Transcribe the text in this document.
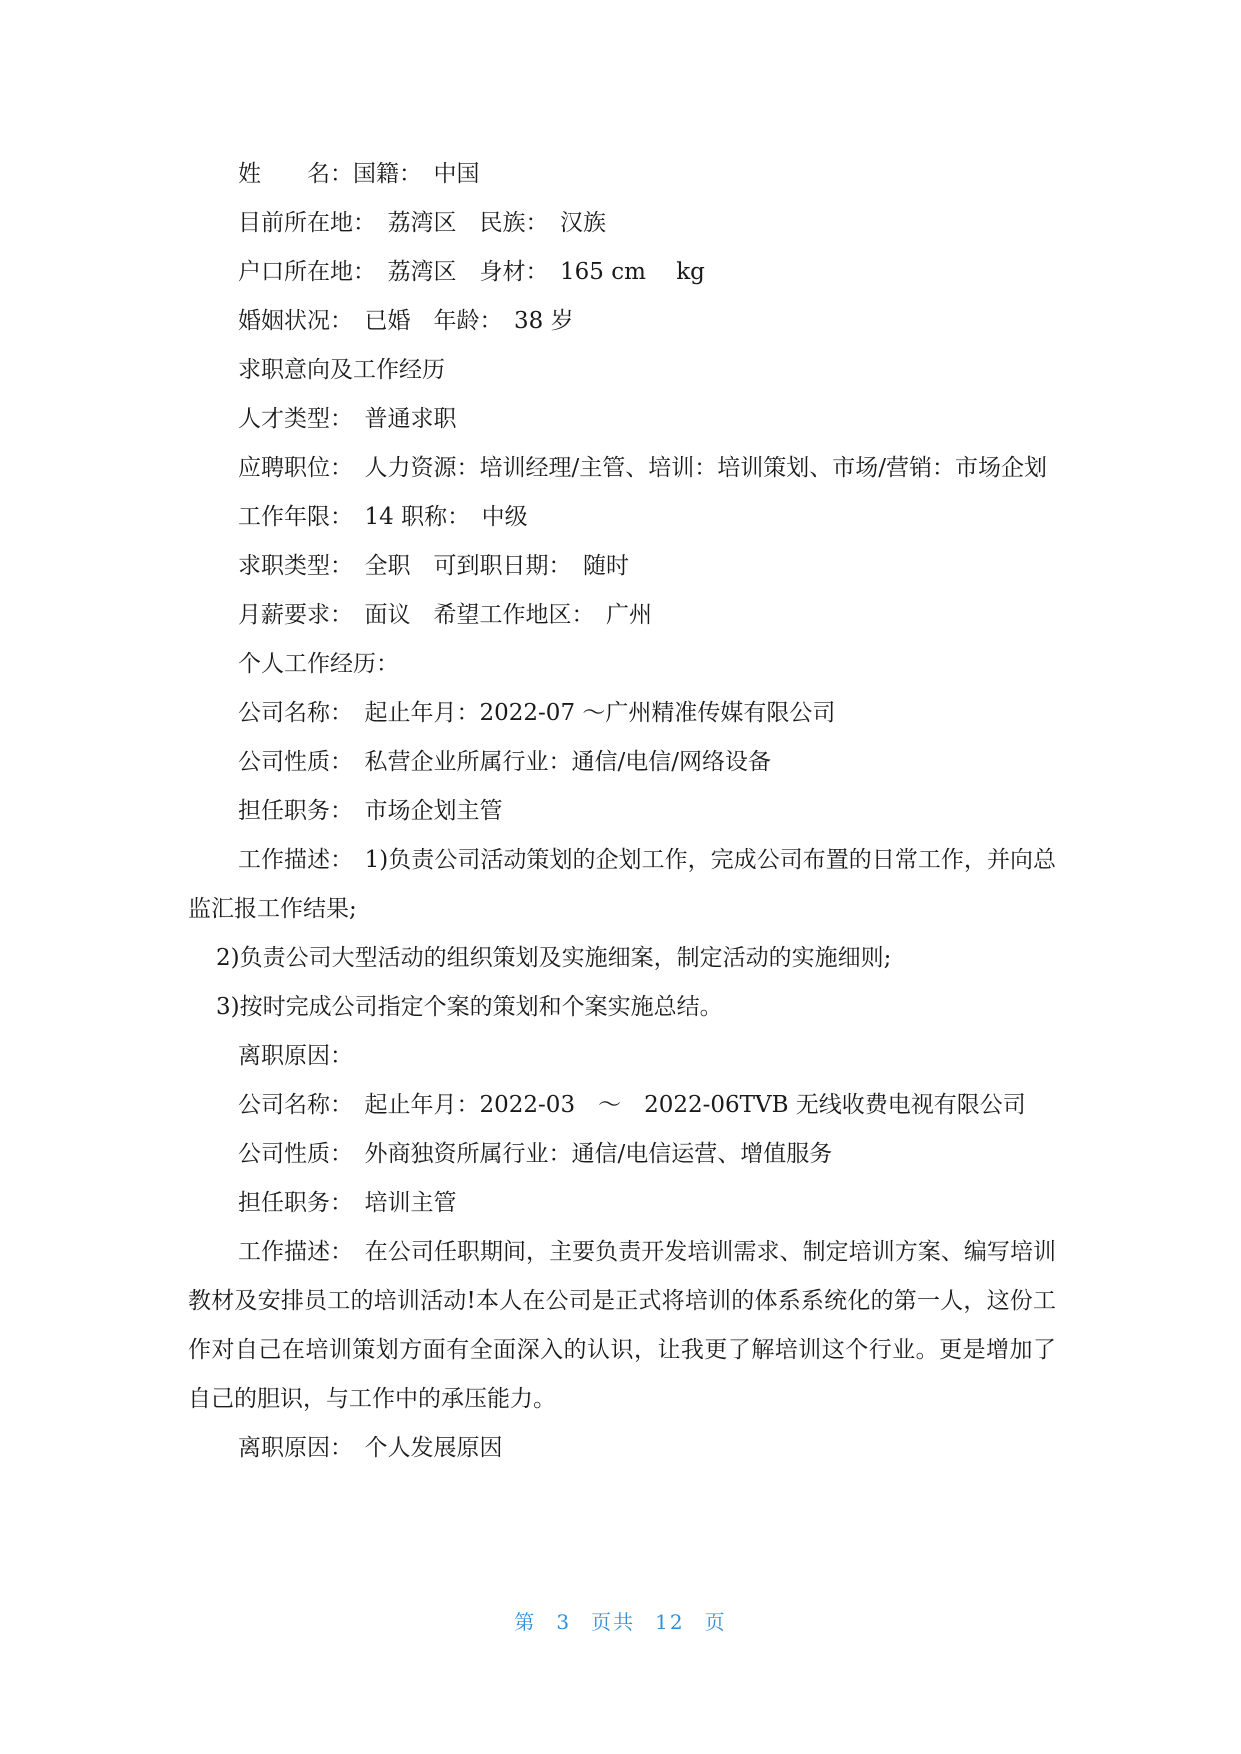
姓　　名：国籍：　中国

目前所在地：　荔湾区　民族：　汉族

户口所在地：　荔湾区　身材：　165 cm　 kg

婚姻状况：　已婚　年龄：　38 岁

求职意向及工作经历

人才类型：　普通求职

应聘职位：　人力资源：培训经理/主管、培训：培训策划、市场/营销：市场企划

工作年限：　14 职称：　中级

求职类型：　全职　可到职日期：　随时

月薪要求：　面议　希望工作地区：　广州

个人工作经历：

公司名称：　起止年月：2022-07 ～广州精准传媒有限公司

公司性质：　私营企业所属行业：通信/电信/网络设备

担任职务：　市场企划主管

工作描述：　1)负责公司活动策划的企划工作，完成公司布置的日常工作，并向总监汇报工作结果;

2)负责公司大型活动的组织策划及实施细案，制定活动的实施细则;

3)按时完成公司指定个案的策划和个案实施总结。

离职原因：

公司名称：　起止年月：2022-03　～　2022-06TVB 无线收费电视有限公司

公司性质：　外商独资所属行业：通信/电信运营、增值服务

担任职务：　培训主管

工作描述：　在公司任职期间，主要负责开发培训需求、制定培训方案、编写培训教材及安排员工的培训活动!本人在公司是正式将培训的体系系统化的第一人，这份工作对自己在培训策划方面有全面深入的认识，让我更了解培训这个行业。更是增加了自己的胆识，与工作中的承压能力。

离职原因：　个人发展原因

第 3 页共 12 页
